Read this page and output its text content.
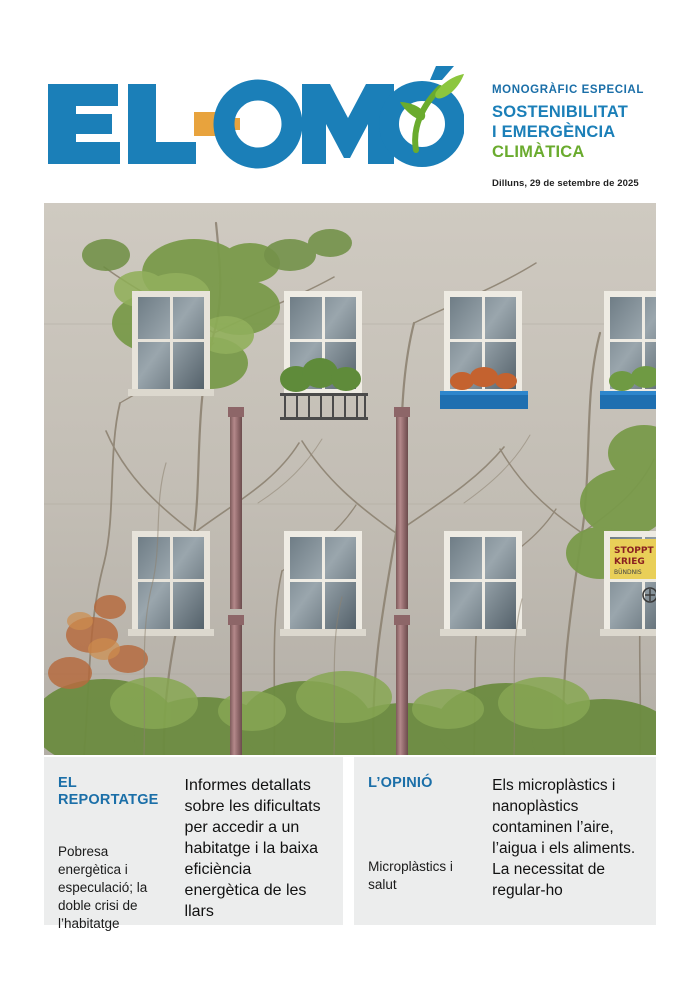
MONOGRÀFIC ESPECIAL
SOSTENIBILITAT
I EMERGÈNCIA
CLIMÀTICA
Dilluns, 29 de setembre de 2025
STOPPT
KRIEG
BÜNDNIS
EL REPORTATGE
Pobresa energètica i especulació; la doble crisi de l’habitatge
Informes detallats sobre les dificultats per accedir a un habitatge i la baixa eficiència energètica de les llars
L’OPINIÓ
Microplàstics i salut
Els microplàstics i nanoplàstics contaminen l’aire, l’aigua i els aliments. La necessitat de regular-ho
